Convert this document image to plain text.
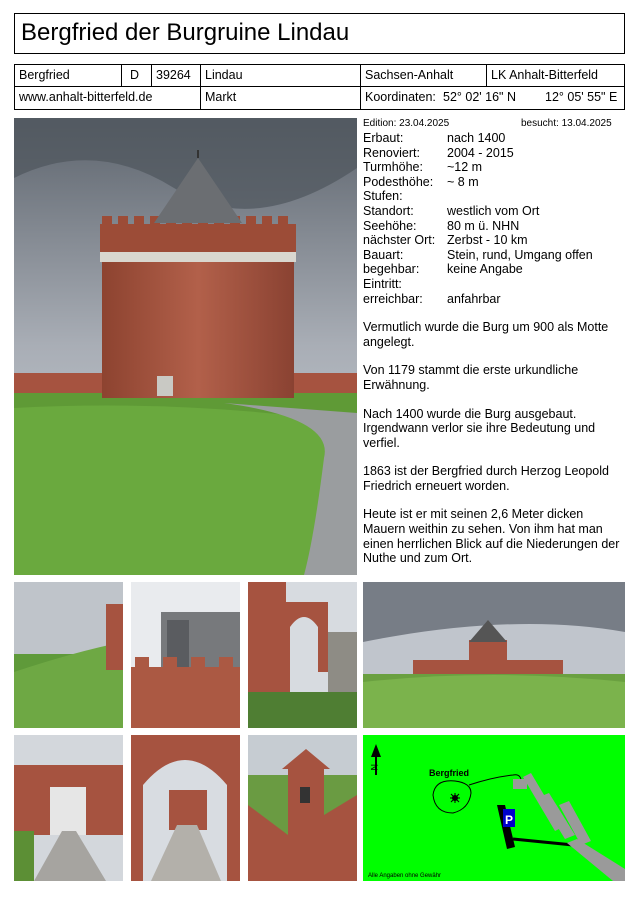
Bergfried der Burgruine Lindau
Bergfried	D	39264	Lindau	Sachsen-Anhalt	LK Anhalt-Bitterfeld
www.anhalt-bitterfeld.de	Markt	Koordinaten: 52° 02' 16" N 12° 05' 55" E
Edition: 23.04.2025	besucht: 13.04.2025
Erbaut:	nach 1400
Renoviert:	2004 - 2015
Turmhöhe:	~12 m
Podesthöhe:	~ 8 m
Stufen:
Standort:	westlich vom Ort
Seehöhe:	80 m ü. NHN
nächster Ort: Zerbst - 10 km
Bauart:	Stein, rund, Umgang offen
begehbar:	keine Angabe
Eintritt:
erreichbar:	anfahrbar
Vermutlich wurde die Burg um 900 als Motte angelegt.
Von 1179 stammt die erste urkundliche Erwähnung.
Nach 1400 wurde die Burg ausgebaut. Irgendwann verlor sie ihre Bedeutung und verfiel.
1863 ist der Bergfried durch Herzog Leopold Friedrich erneuert worden.
Heute ist er mit seinen 2,6 Meter dicken Mauern weithin zu sehen. Von ihm hat man einen herrlichen Blick auf die Niederungen der Nuthe und zum Ort.
N
Bergfried
P
Alle Angaben ohne Gewähr
